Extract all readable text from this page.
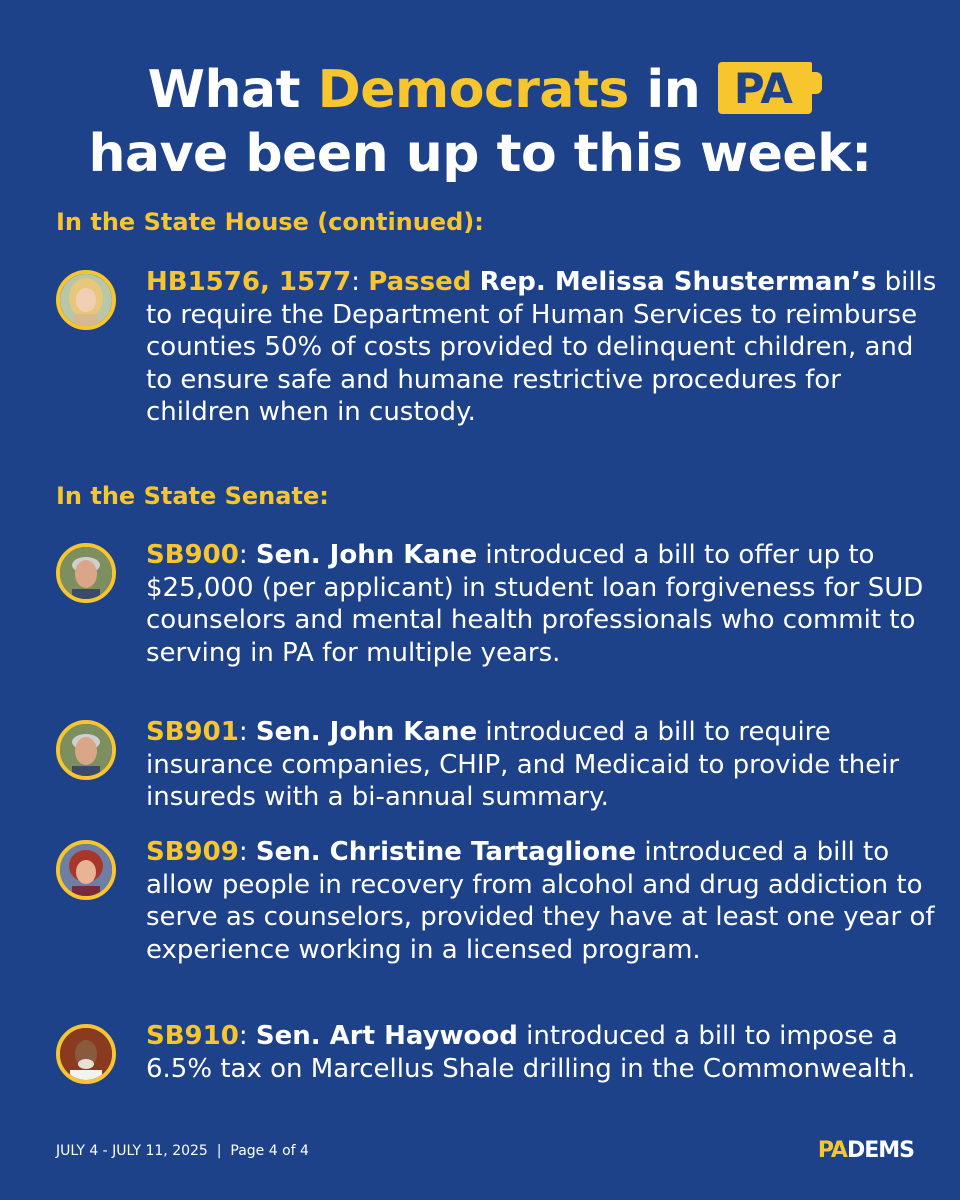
What Democrats in PA
have been up to this week:
In the State House (continued):
HB1576, 1577: Passed Rep. Melissa Shusterman’s bills to require the Department of Human Services to reimburse counties 50% of costs provided to delinquent children, and to ensure safe and humane restrictive procedures for children when in custody.
In the State Senate:
SB900: Sen. John Kane introduced a bill to offer up to $25,000 (per applicant) in student loan forgiveness for SUD counselors and mental health professionals who commit to serving in PA for multiple years.
SB901: Sen. John Kane introduced a bill to require insurance companies, CHIP, and Medicaid to provide their insureds with a bi-annual summary.
SB909: Sen. Christine Tartaglione introduced a bill to allow people in recovery from alcohol and drug addiction to serve as counselors, provided they have at least one year of experience working in a licensed program.
SB910: Sen. Art Haywood introduced a bill to impose a 6.5% tax on Marcellus Shale drilling in the Commonwealth.
JULY 4 - JULY 11, 2025 | Page 4 of 4	PADEMS
